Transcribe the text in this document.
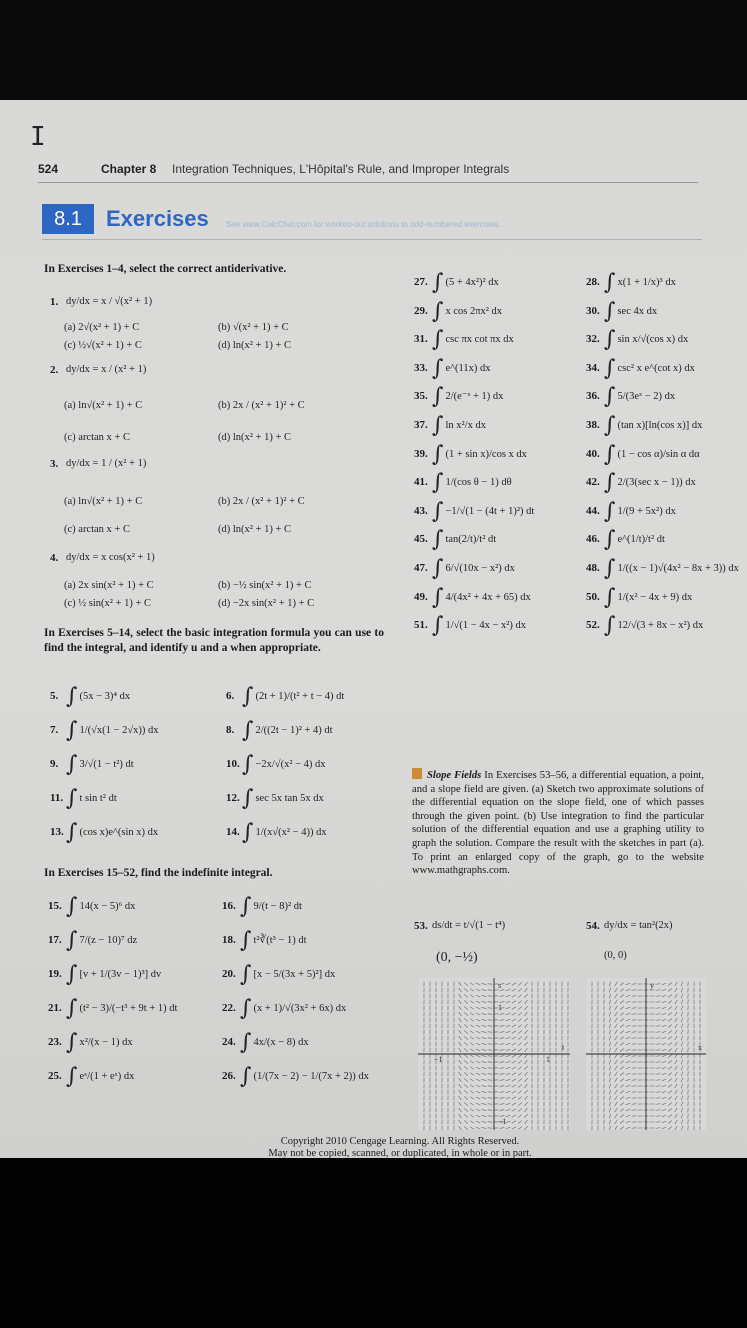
I
524	Chapter 8 Integration Techniques, L'Hôpital's Rule, and Improper Integrals
8.1	Exercises See www.CalcChat.com for worked-out solutions to odd-numbered exercises.
In Exercises 1–4, select the correct antiderivative.
1. dy/dx = x / √(x² + 1)
(a) 2√(x² + 1) + C	(b) √(x² + 1) + C
(c) ½√(x² + 1) + C	(d) ln(x² + 1) + C
2. dy/dx = x / (x² + 1)
(a) ln√(x² + 1) + C	(b) 2x / (x² + 1)² + C
(c) arctan x + C	(d) ln(x² + 1) + C
3. dy/dx = 1 / (x² + 1)
(a) ln√(x² + 1) + C	(b) 2x / (x² + 1)² + C
(c) arctan x + C	(d) ln(x² + 1) + C
4. dy/dx = x cos(x² + 1)
(a) 2x sin(x² + 1) + C	(b) −½ sin(x² + 1) + C
(c) ½ sin(x² + 1) + C	(d) −2x sin(x² + 1) + C
In Exercises 5–14, select the basic integration formula you can use to find the integral, and identify u and a when appropriate.
5. ∫ (5x − 3)⁴ dx	6. ∫ (2t + 1)/(t² + t − 4) dt
7. ∫ 1/(√x(1 − 2√x)) dx	8. ∫ 2/((2t − 1)² + 4) dt
9. ∫ 3/√(1 − t²) dt	10. ∫ −2x/√(x² − 4) dx
11. ∫ t sin t² dt	12. ∫ sec 5x tan 5x dx
13. ∫ (cos x)e^(sin x) dx	14. ∫ 1/(x√(x² − 4)) dx
In Exercises 15–52, find the indefinite integral.
15. ∫ 14(x − 5)⁶ dx	16. ∫ 9/(t − 8)² dt
17. ∫ 7/(z − 10)⁷ dz	18. ∫ t²∛(t³ − 1) dt
19. ∫ [v + 1/(3v − 1)³] dv	20. ∫ [x − 5/(3x + 5)²] dx
21. ∫ (t² − 3)/(−t³ + 9t + 1) dt	22. ∫ (x + 1)/√(3x² + 6x) dx
23. ∫ x²/(x − 1) dx	24. ∫ 4x/(x − 8) dx
25. ∫ eˣ/(1 + eˣ) dx	26. ∫ (1/(7x − 2) − 1/(7x + 2)) dx
27. ∫ (5 + 4x²)² dx	28. ∫ x(1 + 1/x)³ dx
29. ∫ x cos 2πx² dx	30. ∫ sec 4x dx
31. ∫ csc πx cot πx dx	32. ∫ sin x/√(cos x) dx
33. ∫ e^(11x) dx	34. ∫ csc² x e^(cot x) dx
35. ∫ 2/(e⁻ˣ + 1) dx	36. ∫ 5/(3eˣ − 2) dx
37. ∫ ln x²/x dx	38. ∫ (tan x)[ln(cos x)] dx
39. ∫ (1 + sin x)/cos x dx	40. ∫ (1 − cos α)/sin α dα
41. ∫ 1/(cos θ − 1) dθ	42. ∫ 2/(3(sec x − 1)) dx
43. ∫ −1/√(1 − (4t + 1)²) dt	44. ∫ 1/(9 + 5x²) dx
45. ∫ tan(2/t)/t² dt	46. ∫ e^(1/t)/t² dt
47. ∫ 6/√(10x − x²) dx	48. ∫ 1/((x − 1)√(4x² − 8x + 3)) dx
49. ∫ 4/(4x² + 4x + 65) dx	50. ∫ 1/(x² − 4x + 9) dx
51. ∫ 1/√(1 − 4x − x²) dx	52. ∫ 12/√(3 + 8x − x²) dx
Slope Fields In Exercises 53–56, a differential equation, a point, and a slope field are given. (a) Sketch two approximate solutions of the differential equation on the slope field, one of which passes through the given point. (b) Use integration to find the particular solution of the differential equation and use a graphing utility to graph the solution. Compare the result with the sketches in part (a). To print an enlarged copy of the graph, go to the website www.mathgraphs.com.
53. ds/dt = t/√(1 − t⁴)
(0, −½)
54. dy/dx = tan²(2x)
(0, 0)
s
1
−1
−1	1
t
y
x
Copyright 2010 Cengage Learning. All Rights Reserved.
May not be copied, scanned, or duplicated, in whole or in part.
